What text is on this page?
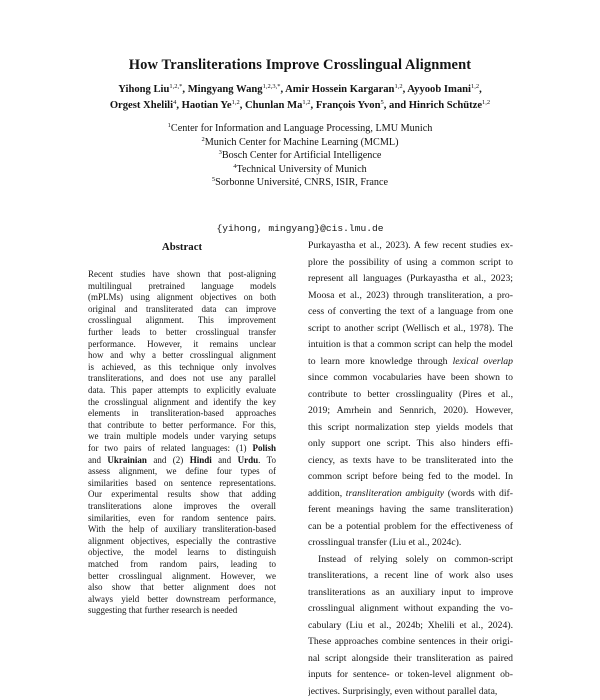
How Transliterations Improve Crosslingual Alignment
Yihong Liu$^{1,2,*}$, Mingyang Wang$^{1,2,3,*}$, Amir Hossein Kargaran$^{1,2}$, Ayyoob Imani$^{1,2}$,
Orgest Xhelili$^4$, Haotian Ye$^{1,2}$, Chunlan Ma$^{1,2}$, François Yvon$^5$, and Hinrich Schütze$^{1,2}$
$^1$Center for Information and Language Processing, LMU Munich
$^2$Munich Center for Machine Learning (MCML)
$^3$Bosch Center for Artificial Intelligence
$^4$Technical University of Munich
$^5$Sorbonne Université, CNRS, ISIR, France
{yihong, mingyang}@cis.lmu.de
Abstract
Recent studies have shown that post-aligning
multilingual pretrained language models
(mPLMs) using alignment objectives on both
original and transliterated data can improve
crosslingual alignment. This improvement
further leads to better crosslingual transfer
performance. However, it remains unclear
how and why a better crosslingual alignment
is achieved, as this technique only involves
transliterations, and does not use any parallel
data. This paper attempts to explicitly evaluate
the crosslingual alignment and identify the key
elements in transliteration-based approaches
that contribute to better performance. For this,
we train multiple models under varying setups
for two pairs of related languages: (1) Polish
and Ukrainian and (2) Hindi and Urdu. To
assess alignment, we define four types of
similarities based on sentence representations.
Our experimental results show that adding
transliterations alone improves the overall
similarities, even for random sentence pairs.
With the help of auxiliary transliteration-based
alignment objectives, especially the contrastive
objective, the model learns to distinguish
matched from random pairs, leading to
better crosslingual alignment. However, we
also show that better alignment does not
always yield better downstream performance,
suggesting that further research is needed
Purkayastha et al., 2023). A few recent studies ex-
plore the possibility of using a common script to
represent all languages (Purkayastha et al., 2023;
Moosa et al., 2023) through transliteration, a pro-
cess of converting the text of a language from one
script to another script (Wellisch et al., 1978). The
intuition is that a common script can help the model
to learn more knowledge through lexical overlap
since common vocabularies have been shown to
contribute to better crosslinguality (Pires et al.,
2019; Amrhein and Sennrich, 2020). However,
this script normalization step yields models that
only support one script. This also hinders effi-
ciency, as texts have to be transliterated into the
common script before being fed to the model. In
addition, transliteration ambiguity (words with dif-
ferent meanings having the same transliteration)
can be a potential problem for the effectiveness of
crosslingual transfer (Liu et al., 2024c).
Instead of relying solely on common-script
transliterations, a recent line of work also uses
transliterations as an auxiliary input to improve
crosslingual alignment without expanding the vo-
cabulary (Liu et al., 2024b; Xhelili et al., 2024).
These approaches combine sentences in their origi-
nal script alongside their transliteration as paired
inputs for sentence- or token-level alignment ob-
jectives. Surprisingly, even without parallel data,
